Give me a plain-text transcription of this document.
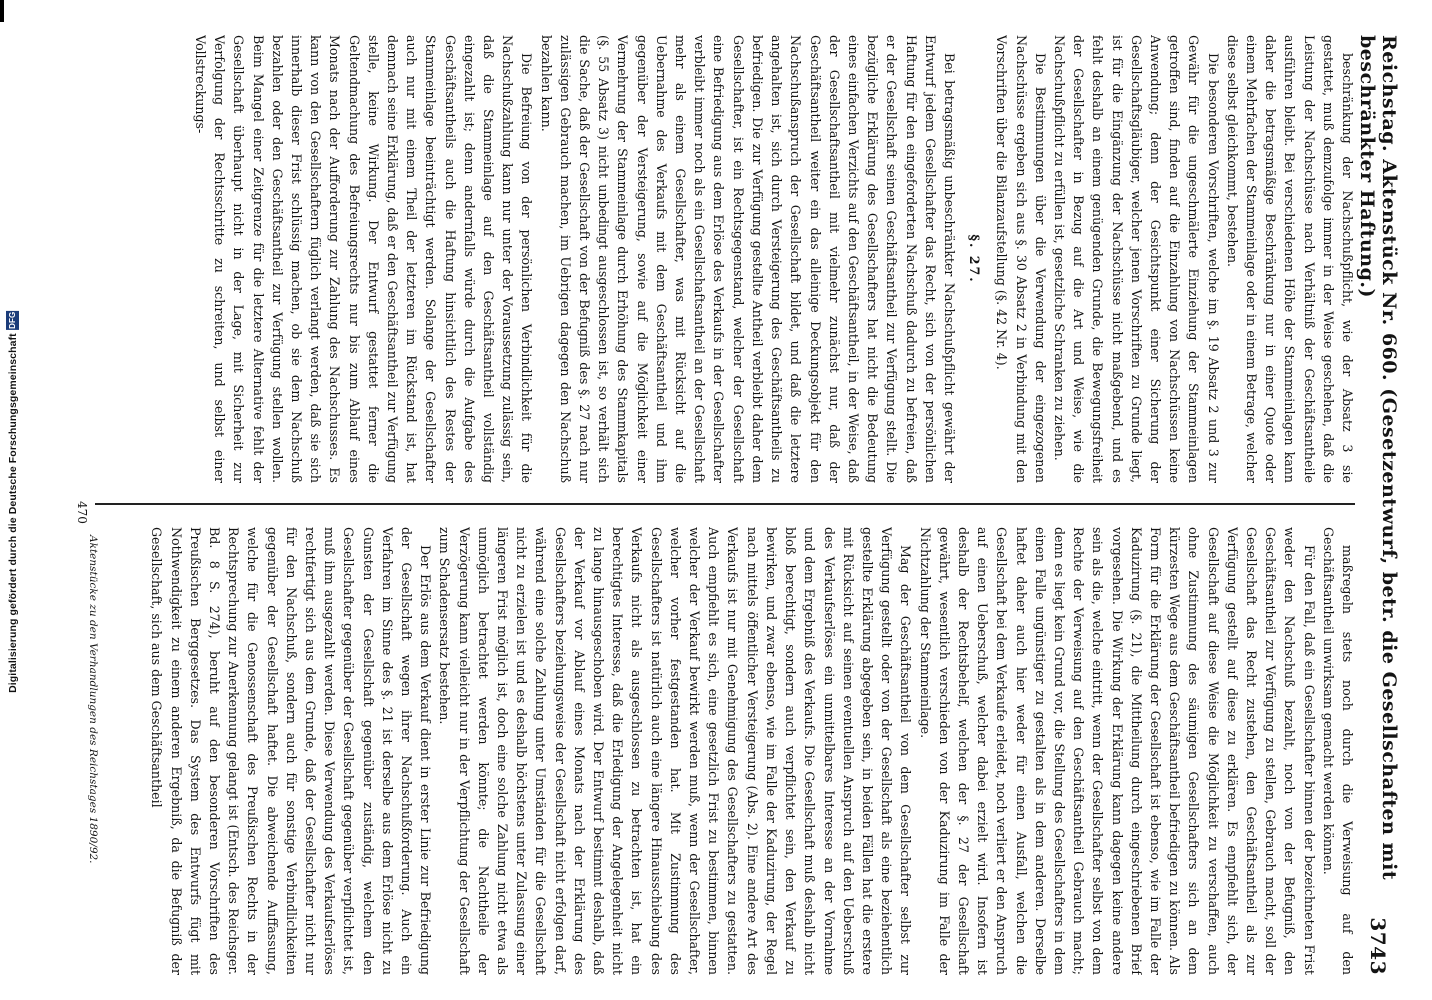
Digitalisierung gefördert durch die Deutsche Forschungsgemeinschaft DFG	Reichstag. Aktenstück Nr. 660. (Gesetzentwurf, betr. die Gesellschaften mit beschränkter Haftung.)
3743

beschränkung der Nachschußpflicht, wie der Absatz 3 sie gestattet, muß demzufolge immer in der Weise geschehen, daß die Leistung der Nachschüsse nach Verhältniß der Geschäftsantheile ausführen bleibt. Bei verschiedenen Höhe der Stammeinlagen kann daher die betragsmäßige Beschränkung nur in einer Quote oder einem Mehrfachen der Stammeinlage oder in einem Betrage, welcher diese selbst gleichkommt, bestehen.

Die besonderen Vorschriften, welche im §. 19 Absatz 2 und 3 zur Gewähr für die ungeschmälerte Einziehung der Stammeinlagen getroffen sind, finden auf die Einzahlung von Nachschüssen keine Anwendung; denn der Gesichtspunkt einer Sicherung der Gesellschaftsgläubiger, welcher jenen Vorschriften zu Grunde liegt, ist für die Eingänzung der Nachschüsse nicht maßgebend, und es fehlt deshalb an einem genügenden Grunde, die Bewegungsfreiheit der Gesellschafter in Bezug auf die Art und Weise, wie die Nachschußpflicht zu erfüllen ist, gesetzliche Schranken zu ziehen.

Die Bestimmungen über die Verwendung der eingezogenen Nachschüsse ergeben sich aus §. 30 Absatz 2 in Verbindung mit den Vorschriften über die Bilanzaufstellung (§. 42 Nr. 4).

§. 27.

Bei betragsmäßig unbeschränkter Nachschußpflicht gewährt der Entwurf jedem Gesellschafter das Recht, sich von der persönlichen Haftung für den eingeforderten Nachschuß dadurch zu befreien, daß er der Gesellschaft seinen Geschäftsantheil zur Verfügung stellt. Die bezügliche Erklärung des Gesellschafters hat nicht die Bedeutung eines einfachen Verzichts auf den Geschäftsantheil, in der Weise, daß der Gesellschaftsantheil mit vielmehr zunächst nur, daß der Geschäftsantheil weiter ein das alleinige Deckungsobjekt für den Nachschußanspruch der Gesellschaft bildet, und daß die letztere angehalten ist, sich durch Versteigerung des Geschäftsantheils zu befriedigen. Die zur Verfügung gestellte Antheil verbleibt daher dem Gesellschafter, ist ein Rechtsgegenstand, welcher der Gesellschaft eine Befriedigung aus dem Erlöse des Verkaufs in der Gesellschafter verbleibt immer noch als ein Gesellschaftsantheil an der Gesellschaft mehr als einem Gesellschafter, was mit Rücksicht auf die Uebernahme des Verkaufs mit dem Geschäftsantheil und ihm gegenüber der Versteigerung, sowie auf die Möglichkeit einer Vermehrung der Stammeinlage durch Erhöhung des Stammkapitals (§. 55 Absatz 3) nicht unbedingt ausgeschlossen ist, so verhält sich die Sache, daß der Gesellschaft von der Befugniß des §. 27 nach nur zulässigen Gebrauch machen, im Uebrigen dagegen den Nachschuß bezahlen kann.

Die Befreiung von der persönlichen Verbindlichkeit für die Nachschußzahlung kann nur unter der Voraussetzung zulässig sein, daß die Stammeinlage auf den Geschäftsantheil vollständig eingezahlt ist; denn andernfalls würde durch die Aufgabe des Geschäftsantheils auch die Haftung hinsichtlich des Restes der Stammeinlage beeinträchtigt werden. Solange der Gesellschafter auch nur mit einem Theil der letzteren im Rückstand ist, hat demnach seine Erklärung, daß er den Geschäftsantheil zur Verfügung stelle, keine Wirkung. Der Entwurf gestattet ferner die Geltendmachung des Befreiungsrechts nur bis zum Ablauf eines Monats nach der Aufforderung zur Zahlung des Nachschusses. Es kann von den Gesellschaftern füglich verlangt werden, daß sie sich innerhalb dieser Frist schlüssig machen, ob sie dem Nachschuß bezahlen oder den Geschäftsantheil zur Verfügung stellen wollen. Beim Mangel einer Zeitgrenze für die letztere Alternative fehlt der Gesellschaft überhaupt nicht in der Lage, mit Sicherheit zur Verfolgung der Rechtsschritte zu schreiten, und selbst einer Vollstreckungs-

maßregeln stets noch durch die Verweisung auf den Geschäftsantheil unwirksam gemacht werden können.

Für den Fall, daß ein Gesellschafter binnen der bezeichneten Frist weder den Nachschuß bezahlt, noch von der Befugniß, den Geschäftsantheil zur Verfügung zu stellen, Gebrauch macht, soll der Gesellschaft das Recht zustehen, den Geschäftsantheil als zur Verfügung gestellt auf diese zu erklären. Es empfiehlt sich, der Gesellschaft auf diese Weise die Möglichkeit zu verschaffen, auch ohne Zustimmung des säumigen Gesellschafters sich an dem kürzesten Wege aus dem Geschäftsantheil befriedigen zu können. Als Form für die Erklärung der Gesellschaft ist ebenso, wie im Falle der Kaduzirung (§. 21), die Mittheilung durch eingeschriebenen Brief vorgesehen. Die Wirkung der Erklärung kann dagegen keine andere sein als die, welche eintritt, wenn der Gesellschafter selbst von dem Rechte der Verweisung auf den Geschäftsantheil Gebrauch macht; denn es liegt kein Grund vor, die Stellung des Gesellschafters in dem einen Falle ungünstiger zu gestalten als in dem anderen. Derselbe haftet daher auch hier weder für einen Ausfall, welchen die Gesellschaft bei dem Verkaufe erleidet, noch verliert er den Anspruch auf einen Ueberschuß, welcher dabei erzielt wird. Insofern ist deshalb der Rechtsbehelf, welchen der §. 27 der Gesellschaft gewährt, wesentlich verschieden von der Kaduzirung im Falle der Nichtzahlung der Stammeinlage.

Mag der Geschäftsantheil von dem Gesellschafter selbst zur Verfügung gestellt oder von der Gesellschaft als eine beziehentlich gestellte Erklärung abgegeben sein, in beiden Fällen hat die erstere mit Rücksicht auf seinen eventuellen Anspruch auf den Ueberschuß des Verkaufserlöses ein unmittelbares Interesse an der Vornahme und dem Ergebniß des Verkaufs. Die Gesellschaft muß deshalb nicht bloß berechtigt, sondern auch verpflichtet sein, den Verkauf zu bewirken, und zwar ebenso, wie im Falle der Kaduzirung, der Regel nach mittels öffentlicher Versteigerung (Abs. 2). Eine andere Art des Verkaufs ist nur mit Genehmigung des Gesellschafters zu gestatten. Auch empfiehlt es sich, eine gesetzlich Frist zu bestimmen, binnen welcher der Verkauf bewirkt werden muß, wenn der Gesellschafter, welcher vorher festgestanden hat. Mit Zustimmung des Gesellschafters ist natürlich auch eine längere Hinausschiebung des Verkaufs nicht als ausgeschlossen zu betrachten ist, hat ein berechtigtes Interesse, daß die Erledigung der Angelegenheit nicht zu lange hinausgeschoben wird. Der Entwurf bestimmt deshalb, daß der Verkauf vor Ablauf eines Monats nach der Erklärung des Gesellschafters beziehungsweise der Gesellschaft nicht erfolgen darf, während eine solche Zahlung unter Umständen für die Gesellschaft nicht zu erzielen ist und es deshalb höchstens unter Zulassung einer längeren Frist möglich ist, doch eine solche Zahlung nicht etwa als unmöglich betrachtet werden könnte; die Nachtheile der Verzögerung kann vielleicht nur in der Verpflichtung der Gesellschaft zum Schadensersatz bestehen.

Der Erlös aus dem Verkauf dient in erster Linie zur Befriedigung der Gesellschaft wegen ihrer Nachschußforderung. Auch ein Verfahren im Sinne des §. 21 ist derselbe aus dem Erlöse nicht zu Gunsten der Gesellschaft gegenüber zuständig, welchem den Gesellschafter gegenüber der Gesellschaft gegenüber verpflichtet ist, muß ihm ausgezahlt werden. Diese Verwendung des Verkaufserlöses rechtfertigt sich aus dem Grunde, daß der Gesellschafter nicht nur für den Nachschuß, sondern auch für sonstige Verbindlichkeiten gegenüber der Gesellschaft haftet. Die abweichende Auffassung, welche für die Genossenschaft des Preußischen Rechts in der Rechtsprechung zur Anerkennung gelangt ist (Entsch. des Reichsger. Bd. 8 S. 274), beruht auf den besonderen Vorschriften des Preußischen Berggesetzes. Das System des Entwurfs fügt mit Nothwendigkeit zu einem anderen Ergebniß, da die Befugniß der Gesellschaft, sich aus dem Geschäftsantheil

Aktenstücke zu den Verhandlungen des Reichstages 1890/92.
470
